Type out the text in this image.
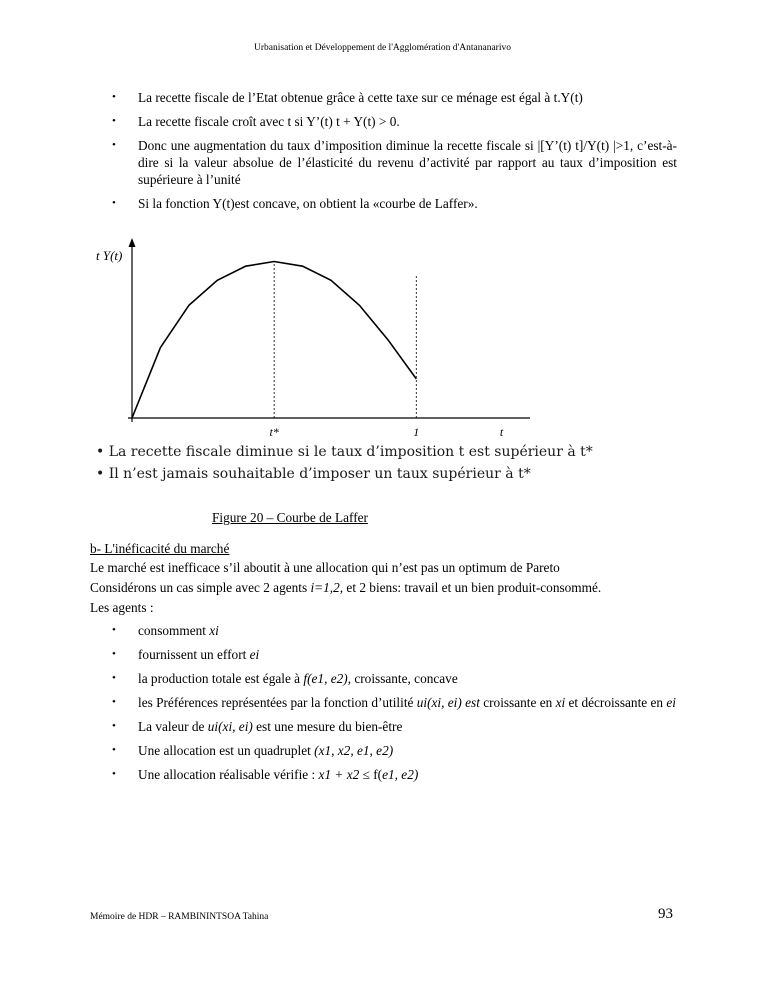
Urbanisation et Développement de l'Agglomération d'Antananarivo
• La recette fiscale de l’Etat obtenue grâce à cette taxe sur ce ménage est égal à t.Y(t)
• La recette fiscale croît avec t si Y’(t) t + Y(t) > 0.
• Donc une augmentation du taux d’imposition diminue la recette fiscale si |[Y’(t) t]/Y(t) |>1, c’est-à-dire si la valeur absolue de l’élasticité du revenu d’activité par rapport au taux d’imposition est supérieure à l’unité
• Si la fonction Y(t)est concave, on obtient la «courbe de Laffer».
t Y(t)
t*	1	t
• La recette fiscale diminue si le taux d’imposition t est supérieur à t*
• Il n’est jamais souhaitable d’imposer un taux supérieur à t*
Figure 20 – Courbe de Laffer
b- L'inéficacité du marché
Le marché est inefficace s’il aboutit à une allocation qui n’est pas un optimum de Pareto
Considérons un cas simple avec 2 agents i=1,2, et 2 biens: travail et un bien produit-consommé.
Les agents :
• consomment xi
• fournissent un effort ei
• la production totale est égale à f(e1, e2), croissante, concave
• les Préférences représentées par la fonction d’utilité ui(xi, ei) est croissante en xi et décroissante en ei
• La valeur de ui(xi, ei) est une mesure du bien-être
• Une allocation est un quadruplet (x1, x2, e1, e2)
• Une allocation réalisable vérifie : x1 + x2 ≤ f(e1, e2)
Mémoire de HDR – RAMBININTSOA Tahina	93
